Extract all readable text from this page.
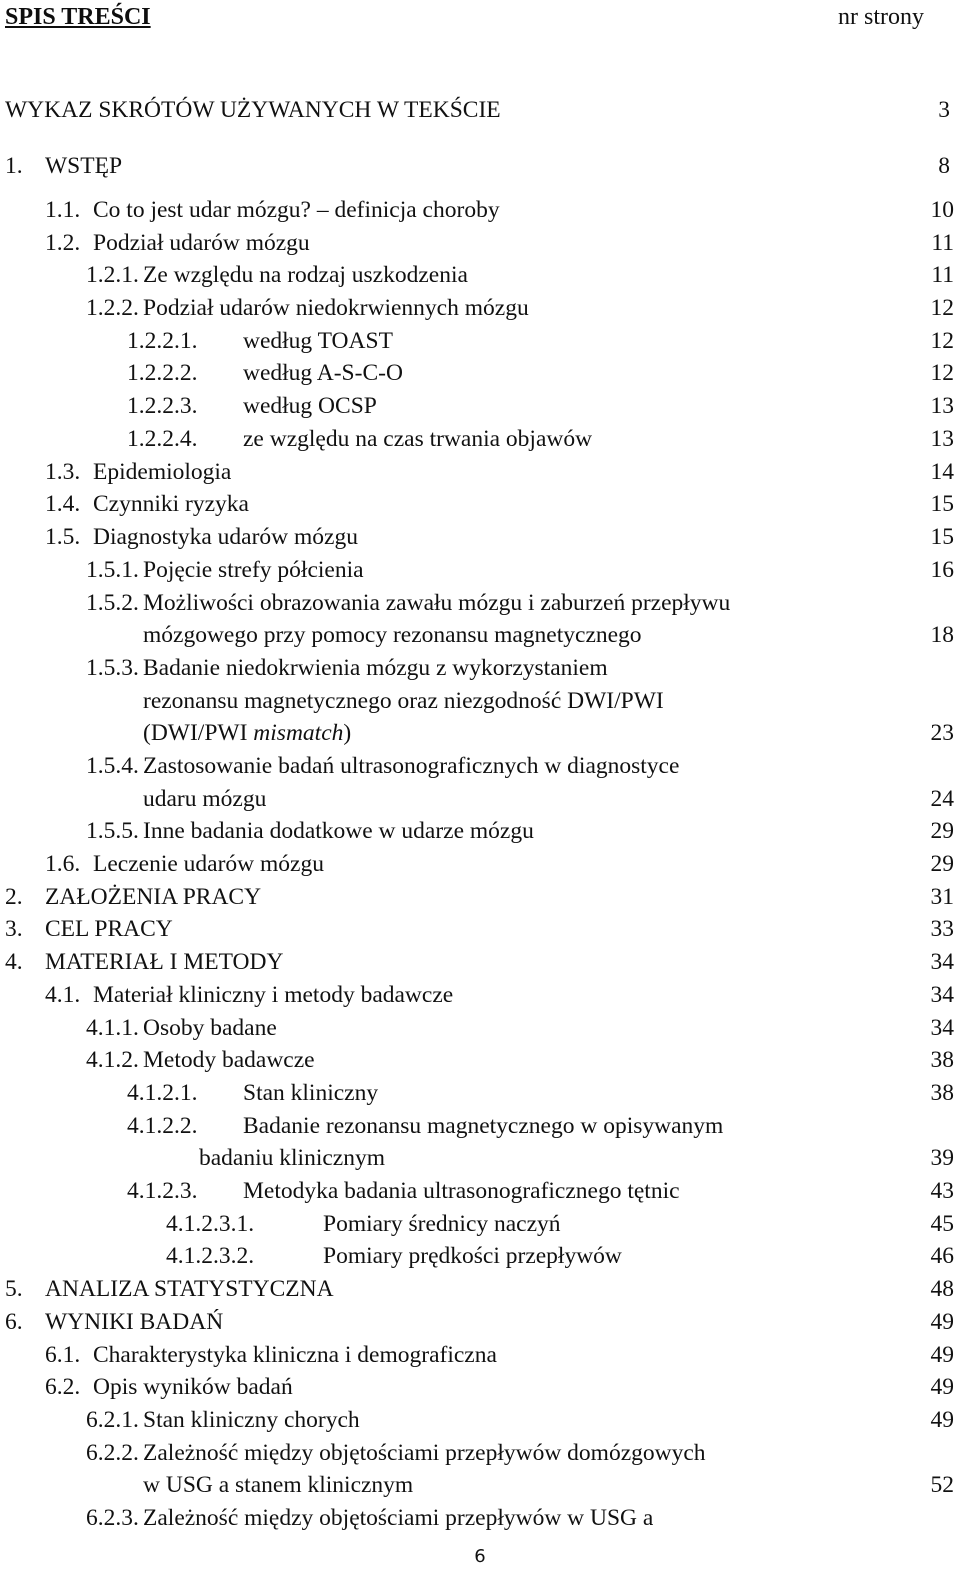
SPIS TREŚCI	nr strony
WYKAZ SKRÓTÓW UŻYWANYCH W TEKŚCIE	3
1. WSTĘP	8
1.1. Co to jest udar mózgu? – definicja choroby	10
1.2. Podział udarów mózgu	11
1.2.1. Ze względu na rodzaj uszkodzenia	11
1.2.2. Podział udarów niedokrwiennych mózgu	12
1.2.2.1. według TOAST	12
1.2.2.2. według A-S-C-O	12
1.2.2.3. według OCSP	13
1.2.2.4. ze względu na czas trwania objawów	13
1.3. Epidemiologia	14
1.4. Czynniki ryzyka	15
1.5. Diagnostyka udarów mózgu	15
1.5.1. Pojęcie strefy półcienia	16
1.5.2. Możliwości obrazowania zawału mózgu i zaburzeń przepływu
mózgowego przy pomocy rezonansu magnetycznego	18
1.5.3. Badanie niedokrwienia mózgu z wykorzystaniem
rezonansu magnetycznego oraz niezgodność DWI/PWI
(DWI/PWI mismatch)	23
1.5.4. Zastosowanie badań ultrasonograficznych w diagnostyce
udaru mózgu	24
1.5.5. Inne badania dodatkowe w udarze mózgu	29
1.6. Leczenie udarów mózgu	29
2. ZAŁOŻENIA PRACY	31
3. CEL PRACY	33
4. MATERIAŁ I METODY	34
4.1. Materiał kliniczny i metody badawcze	34
4.1.1. Osoby badane	34
4.1.2. Metody badawcze	38
4.1.2.1. Stan kliniczny	38
4.1.2.2. Badanie rezonansu magnetycznego w opisywanym
badaniu klinicznym	39
4.1.2.3. Metodyka badania ultrasonograficznego tętnic	43
4.1.2.3.1.	Pomiary średnicy naczyń	45
4.1.2.3.2.	Pomiary prędkości przepływów	46
5. ANALIZA STATYSTYCZNA	48
6. WYNIKI BADAŃ	49
6.1. Charakterystyka kliniczna i demograficzna	49
6.2. Opis wyników badań	49
6.2.1. Stan kliniczny chorych	49
6.2.2. Zależność między objętościami przepływów domózgowych
w USG a stanem klinicznym	52
6.2.3. Zależność między objętościami przepływów w USG a
6
